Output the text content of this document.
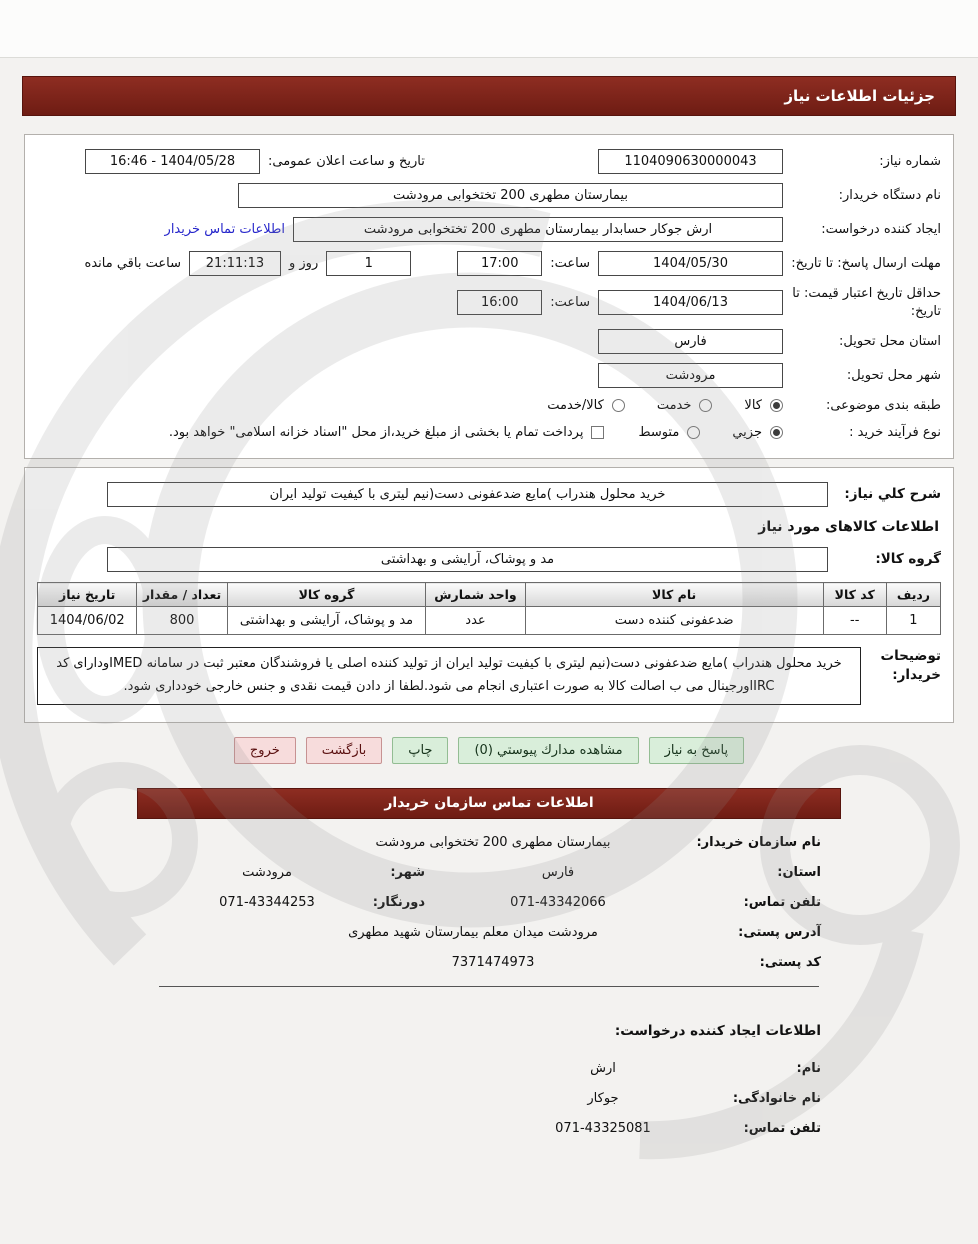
جزئیات اطلاعات نیاز
شماره نیاز:
1104090630000043
تاریخ و ساعت اعلان عمومی:
16:46 - 1404/05/28
نام دستگاه خریدار:
بیمارستان مطهری 200 تختخوابی مرودشت
ایجاد کننده درخواست:
ارش جوکار حسابدار بیمارستان مطهری 200 تختخوابی مرودشت
اطلاعات تماس خریدار
مهلت ارسال پاسخ: تا تاریخ:
1404/05/30
ساعت:
17:00
1
روز و
21:11:13
ساعت باقي مانده
حداقل تاریخ اعتبار قیمت: تا تاریخ:
1404/06/13
ساعت:
16:00
استان محل تحویل:
فارس
شهر محل تحویل:
مرودشت
طبقه بندی موضوعی:
کالا
خدمت
کالا/خدمت
نوع فرآیند خرید :
جزيي
متوسط
پرداخت تمام یا بخشی از مبلغ خرید،از محل "اسناد خزانه اسلامی" خواهد بود.
شرح كلي نياز:
خرید محلول هندراب )مایع ضدعفونی دست(نیم لیتری با کیفیت تولید ایران
اطلاعات کالاهای مورد نیاز
گروه کالا:
مد و پوشاک، آرایشی و بهداشتی
ردیف	کد کالا	نام کالا	واحد شمارش	گروه کالا	تعداد / مقدار	تاریخ نیاز
1	--	ضدعفونی کننده دست	عدد	مد و پوشاک، آرایشی و بهداشتی	800	1404/06/02
توضیحات خریدار:
خرید محلول هندراب )مایع ضدعفونی دست(نیم لیتری با کیفیت تولید ایران از تولید کننده اصلی یا فروشندگان معتبر ثبت در سامانه IMEDودارای کد IRCاورجینال می ب اصالت کالا به صورت اعتباری انجام می شود.لطفا از دادن قیمت نقدی و جنس خارجی خودداری شود.
پاسخ به نیاز
مشاهده مدارك پیوستي (0)
چاپ
بازگشت
خروج
اطلاعات تماس سازمان خریدار
نام سازمان خریدار:
بیمارستان مطهری 200 تختخوابی مرودشت
استان:
فارس
شهر:
مرودشت
تلفن تماس:
071-43342066
دورنگار:
071-43344253
آدرس پستی:
مرودشت میدان معلم بیمارستان شهید مطهری
کد پستی:
7371474973
اطلاعات ایجاد کننده درخواست:
نام:
ارش
نام خانوادگی:
جوکار
تلفن تماس:
071-43325081
